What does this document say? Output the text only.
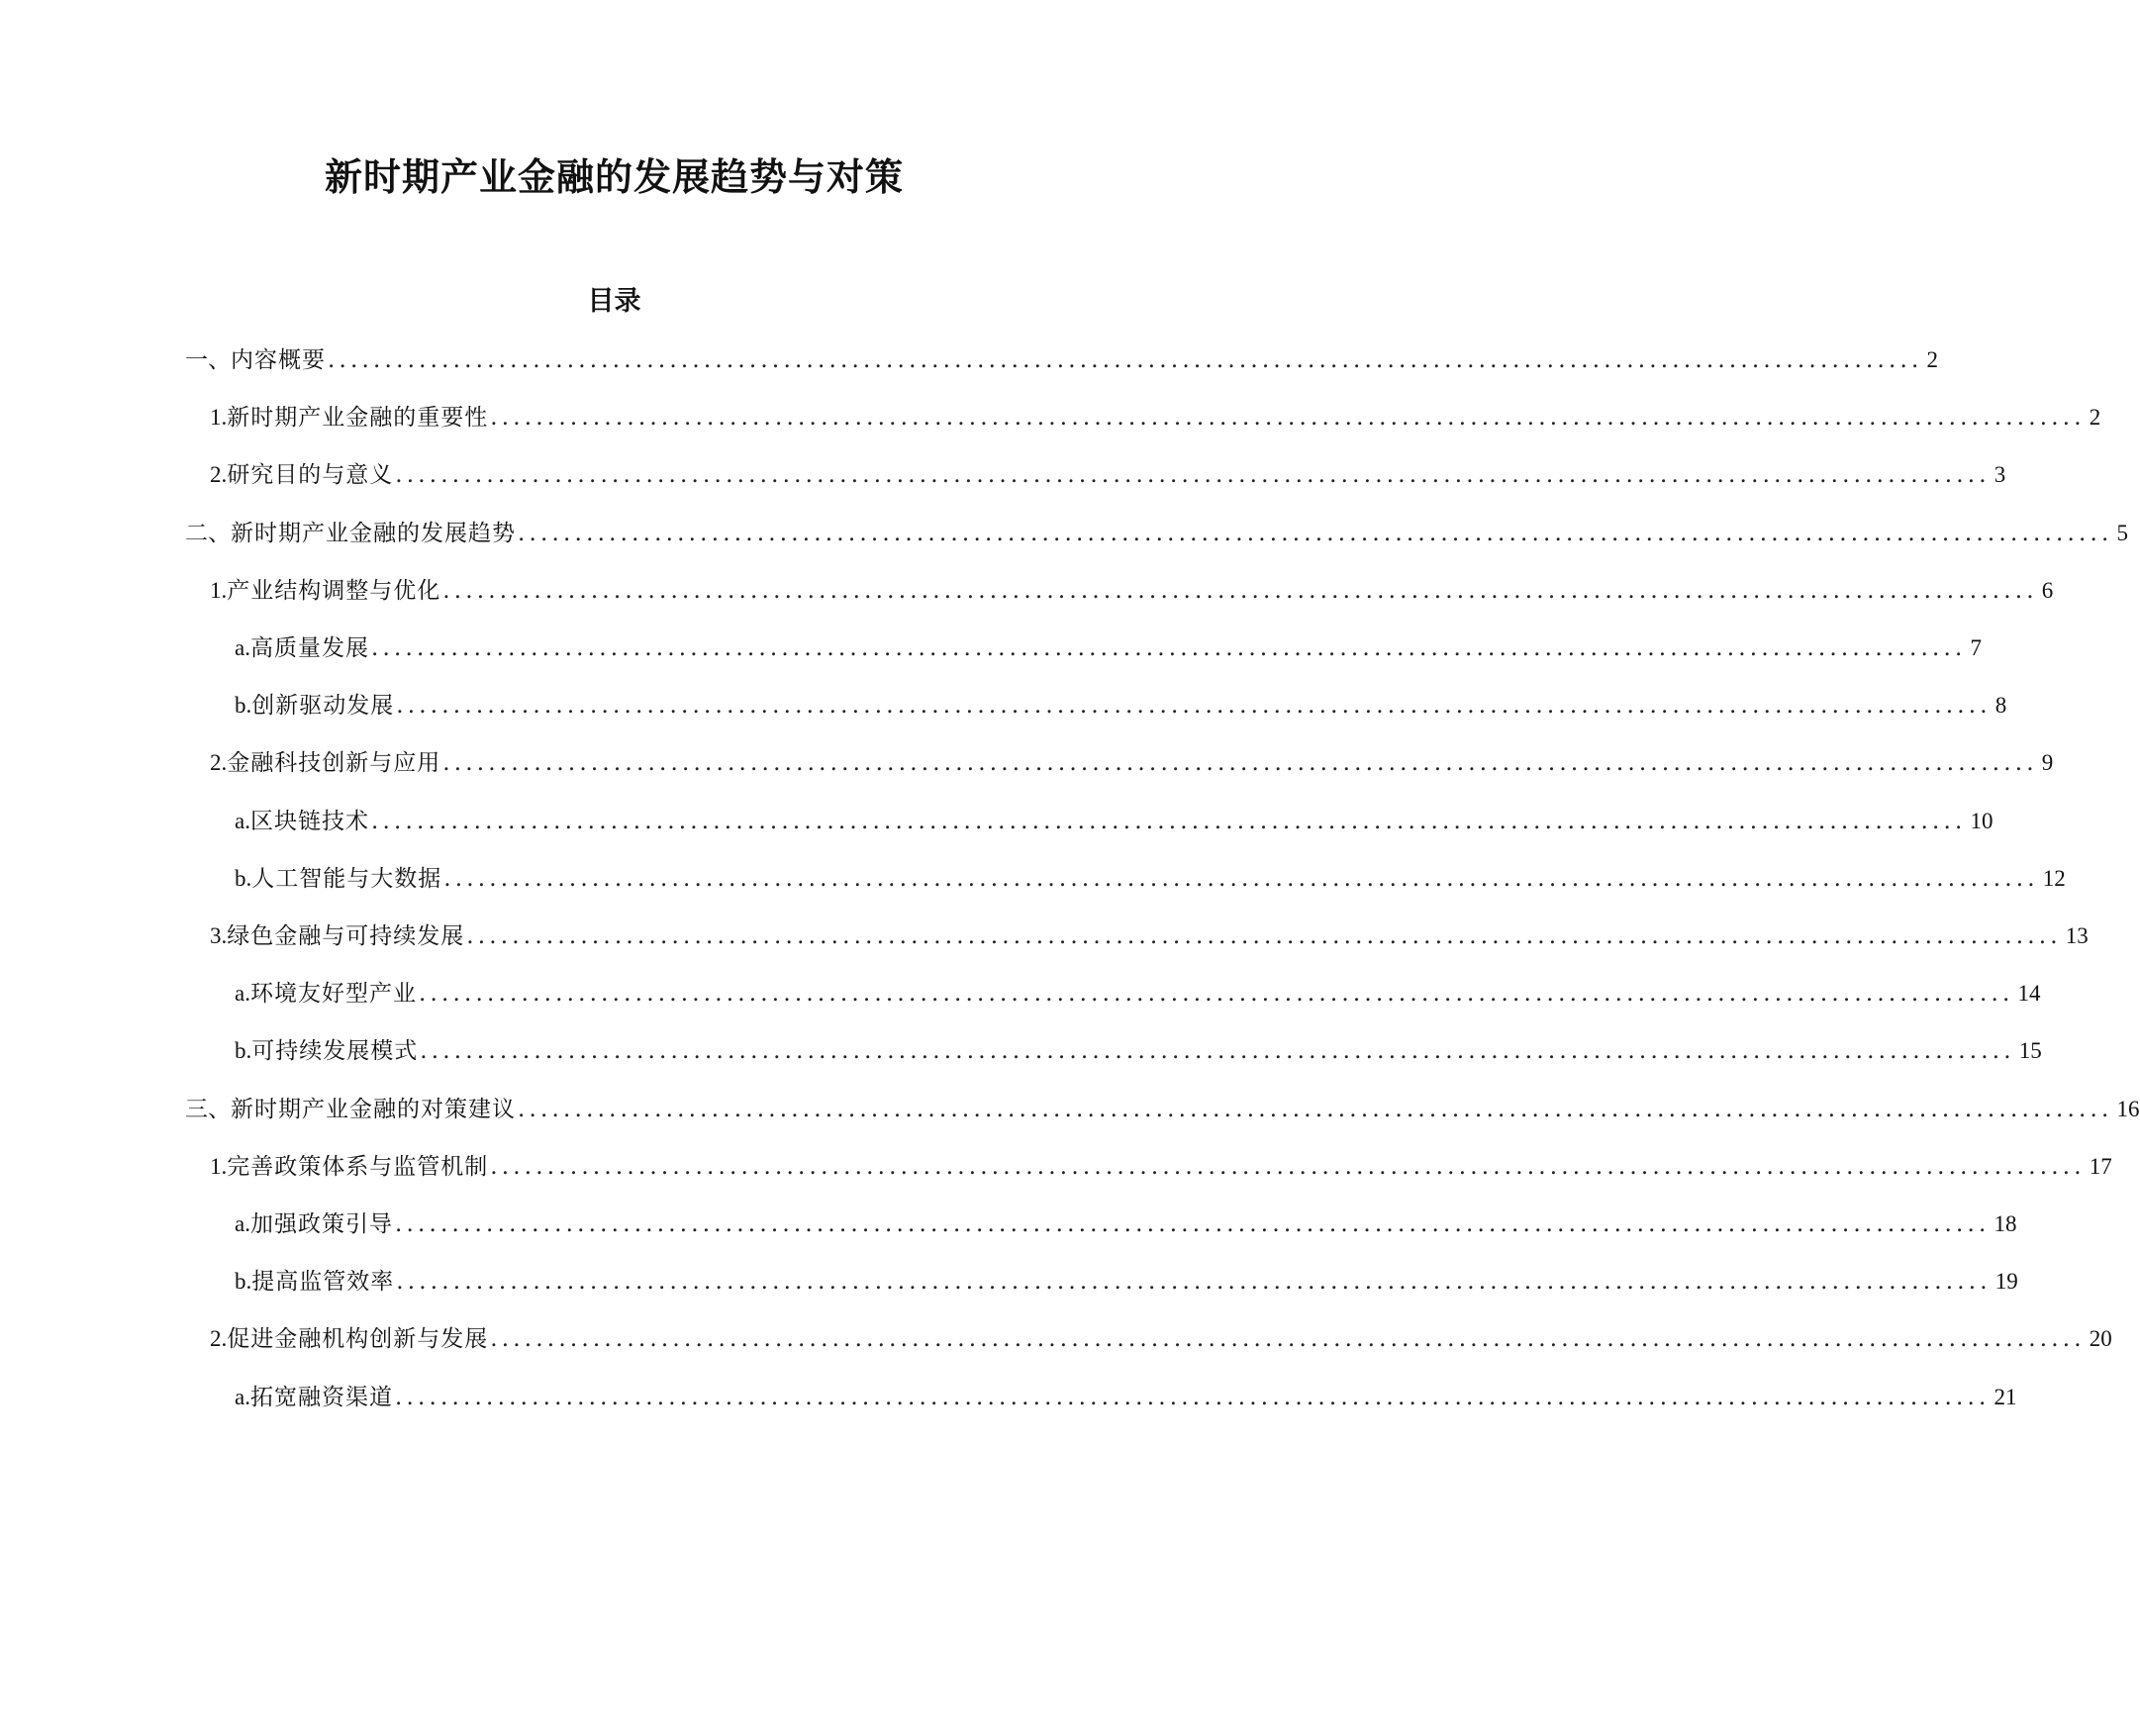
新时期产业金融的发展趋势与对策
目录
一、 内容概要 ............................................................................................................................................ 2
1. 新时期产业金融的重要性 ............................................................................................................................................ 2
2. 研究目的与意义 ............................................................................................................................................ 3
二、 新时期产业金融的发展趋势 ............................................................................................................................................ 5
1. 产业结构调整与优化 ............................................................................................................................................ 6
a. 高质量发展 ............................................................................................................................................ 7
b. 创新驱动发展 ............................................................................................................................................ 8
2. 金融科技创新与应用 ............................................................................................................................................ 9
a. 区块链技术 ............................................................................................................................................ 10
b. 人工智能与大数据 ............................................................................................................................................ 12
3. 绿色金融与可持续发展 ............................................................................................................................................ 13
a. 环境友好型产业 ............................................................................................................................................ 14
b. 可持续发展模式 ............................................................................................................................................ 15
三、 新时期产业金融的对策建议 ............................................................................................................................................ 16
1. 完善政策体系与监管机制 ............................................................................................................................................ 17
a. 加强政策引导 ............................................................................................................................................ 18
b. 提高监管效率 ............................................................................................................................................ 19
2. 促进金融机构创新与发展 ............................................................................................................................................ 20
a. 拓宽融资渠道 ............................................................................................................................................ 21
